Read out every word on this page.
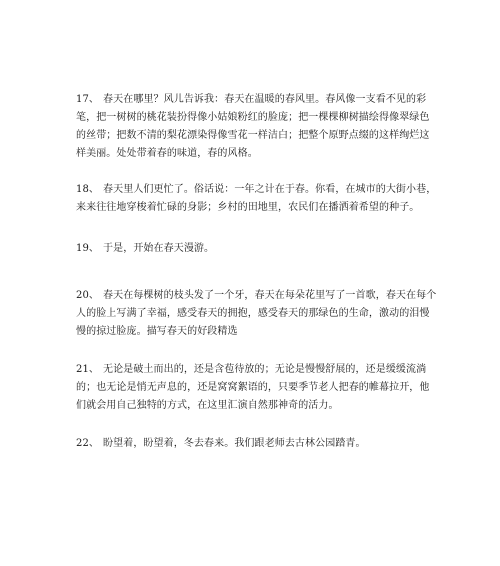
17、 春天在哪里？风儿告诉我：春天在温暖的春风里。春风像一支看不见的彩笔，把一树树的桃花装扮得像小姑娘粉红的脸庞；把一棵棵柳树描绘得像翠绿色的丝带；把数不清的梨花漂染得像雪花一样洁白；把整个原野点缀的这样绚烂这样美丽。处处带着春的味道，春的风格。

18、 春天里人们更忙了。俗话说：一年之计在于春。你看，在城市的大街小巷，来来往往地穿梭着忙碌的身影；乡村的田地里，农民们在播洒着希望的种子。

19、 于是，开始在春天漫游。

20、 春天在每棵树的枝头发了一个牙，春天在每朵花里写了一首歌，春天在每个人的脸上写满了幸福，感受春天的拥抱，感受春天的那绿色的生命，激动的泪慢慢的掠过脸庞。描写春天的好段精选

21、 无论是破土而出的，还是含苞待放的；无论是慢慢舒展的，还是缓缓流淌的；也无论是悄无声息的，还是窝窝絮语的，只要季节老人把春的帷幕拉开，他们就会用自己独特的方式，在这里汇演自然那神奇的活力。

22、 盼望着，盼望着，冬去春来。我们跟老师去古林公园踏青。
